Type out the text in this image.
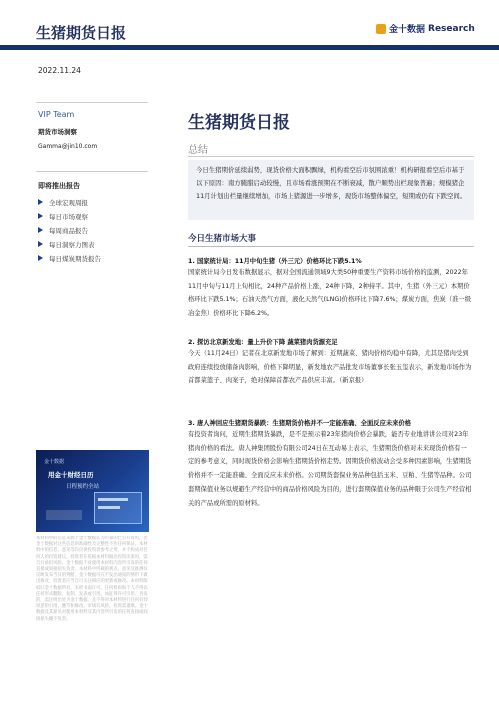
生猪期货日报	金十数据 Research
2022.11.24
VIP Team
期货市场洞察
Gamma@jin10.com
即将推出报告
全球宏观周报
每日市场观察
每周商品报告
每日洞察力图表
每日煤炭期货报告
金十数据
用金十财经日历
日程预约全站
本材料中的信息来源于金十数据认为可靠的已公开资料，但金十数据对这些信息的准确性及完整性不作任何保证。本材料中的信息、意见等均仅供投资者参考之用，并不构成对任何人的投资建议。投资者在依据本材料做出投资决策时，需自行承担风险。金十数据不对使用本材料内容所引发的任何直接或间接损失负责。本材料中所载的观点、意见及推测仅反映发布当日的判断，金十数据可在不发出通知的情形下做出修改，投资者应当自行关注相应的更新或修改。本材料版权归金十数据所有，未经书面许可，任何机构和个人不得以任何形式翻版、复制、发表或引用。如征得许可引用、刊发的，需注明出处为金十数据，且不得对本材料进行任何有悖原意的引用、删节和修改。市场有风险，投资需谨慎。金十数据及其雇员对使用本材料及其内容所引发的任何直接或间接损失概不负责。
生猪期货日报
总结

今日生猪期价延续弱势，现货价格大面积飘绿，机构看空后市氛围浓重！机构研报看空后市基于以下原因：南方腌腊启动较慢，且市场看涨预期在不断衰减，散户顺势出栏现象普遍；规模猪企11月计划出栏量继续增加，市场上猪源进一步增多，现货市场整体偏空，短期或仍有下跌空间。

今日生猪市场大事

1. 国家统计局：11月中旬生猪（外三元）价格环比下跌5.1%

国家统计局今日发布数据显示，据对全国流通领域9大类50种重要生产资料市场价格的监测，2022年11月中旬与11月上旬相比，24种产品价格上涨，24种下降，2种持平。其中，生猪（外三元）本期价格环比下跌5.1%；石油天然气方面，液化天然气(LNG)价格环比下降7.6%；煤炭方面，焦炭（准一级冶金焦）价格环比下降6.2%。

2. 探访北京新发地：量上升价下降 蔬菜猪肉货源充足

今天（11月24日）记者在北京新发地市场了解到：近期蔬菜、猪肉价格均稳中有降，尤其是猪肉受到政府连续投放储备肉影响，价格下降明显，新发地农产品批发市场董事长张玉玺表示，新发地市场作为首都菜篮子、肉案子，绝对保障首都农产品供应丰富。（新京报）

3. 唐人神回应生猪期货暴跌：生猪期货价格并不一定能准确、全面反应未来价格

有投资者询问，近期生猪期货暴跌，是不是预示着23年猪肉价格会暴跌，能否专业地讲讲公司对23年猪肉价格的看法。唐人神集团股份有限公司24日在互动易上表示，生猪期货价格对未来现货价格有一定的参考意义，同时现货价格会影响生猪期货价格走势。因期货价格波动会受多种因素影响，生猪期货价格并不一定能准确、全面反应未来价格。公司期货套保业务品种包括玉米、豆粕、生猪等品种。公司套期保值业务以规避生产经营中的商品价格风险为目的，进行套期保值业务的品种限于公司生产经营相关的产品或所需的原材料。
